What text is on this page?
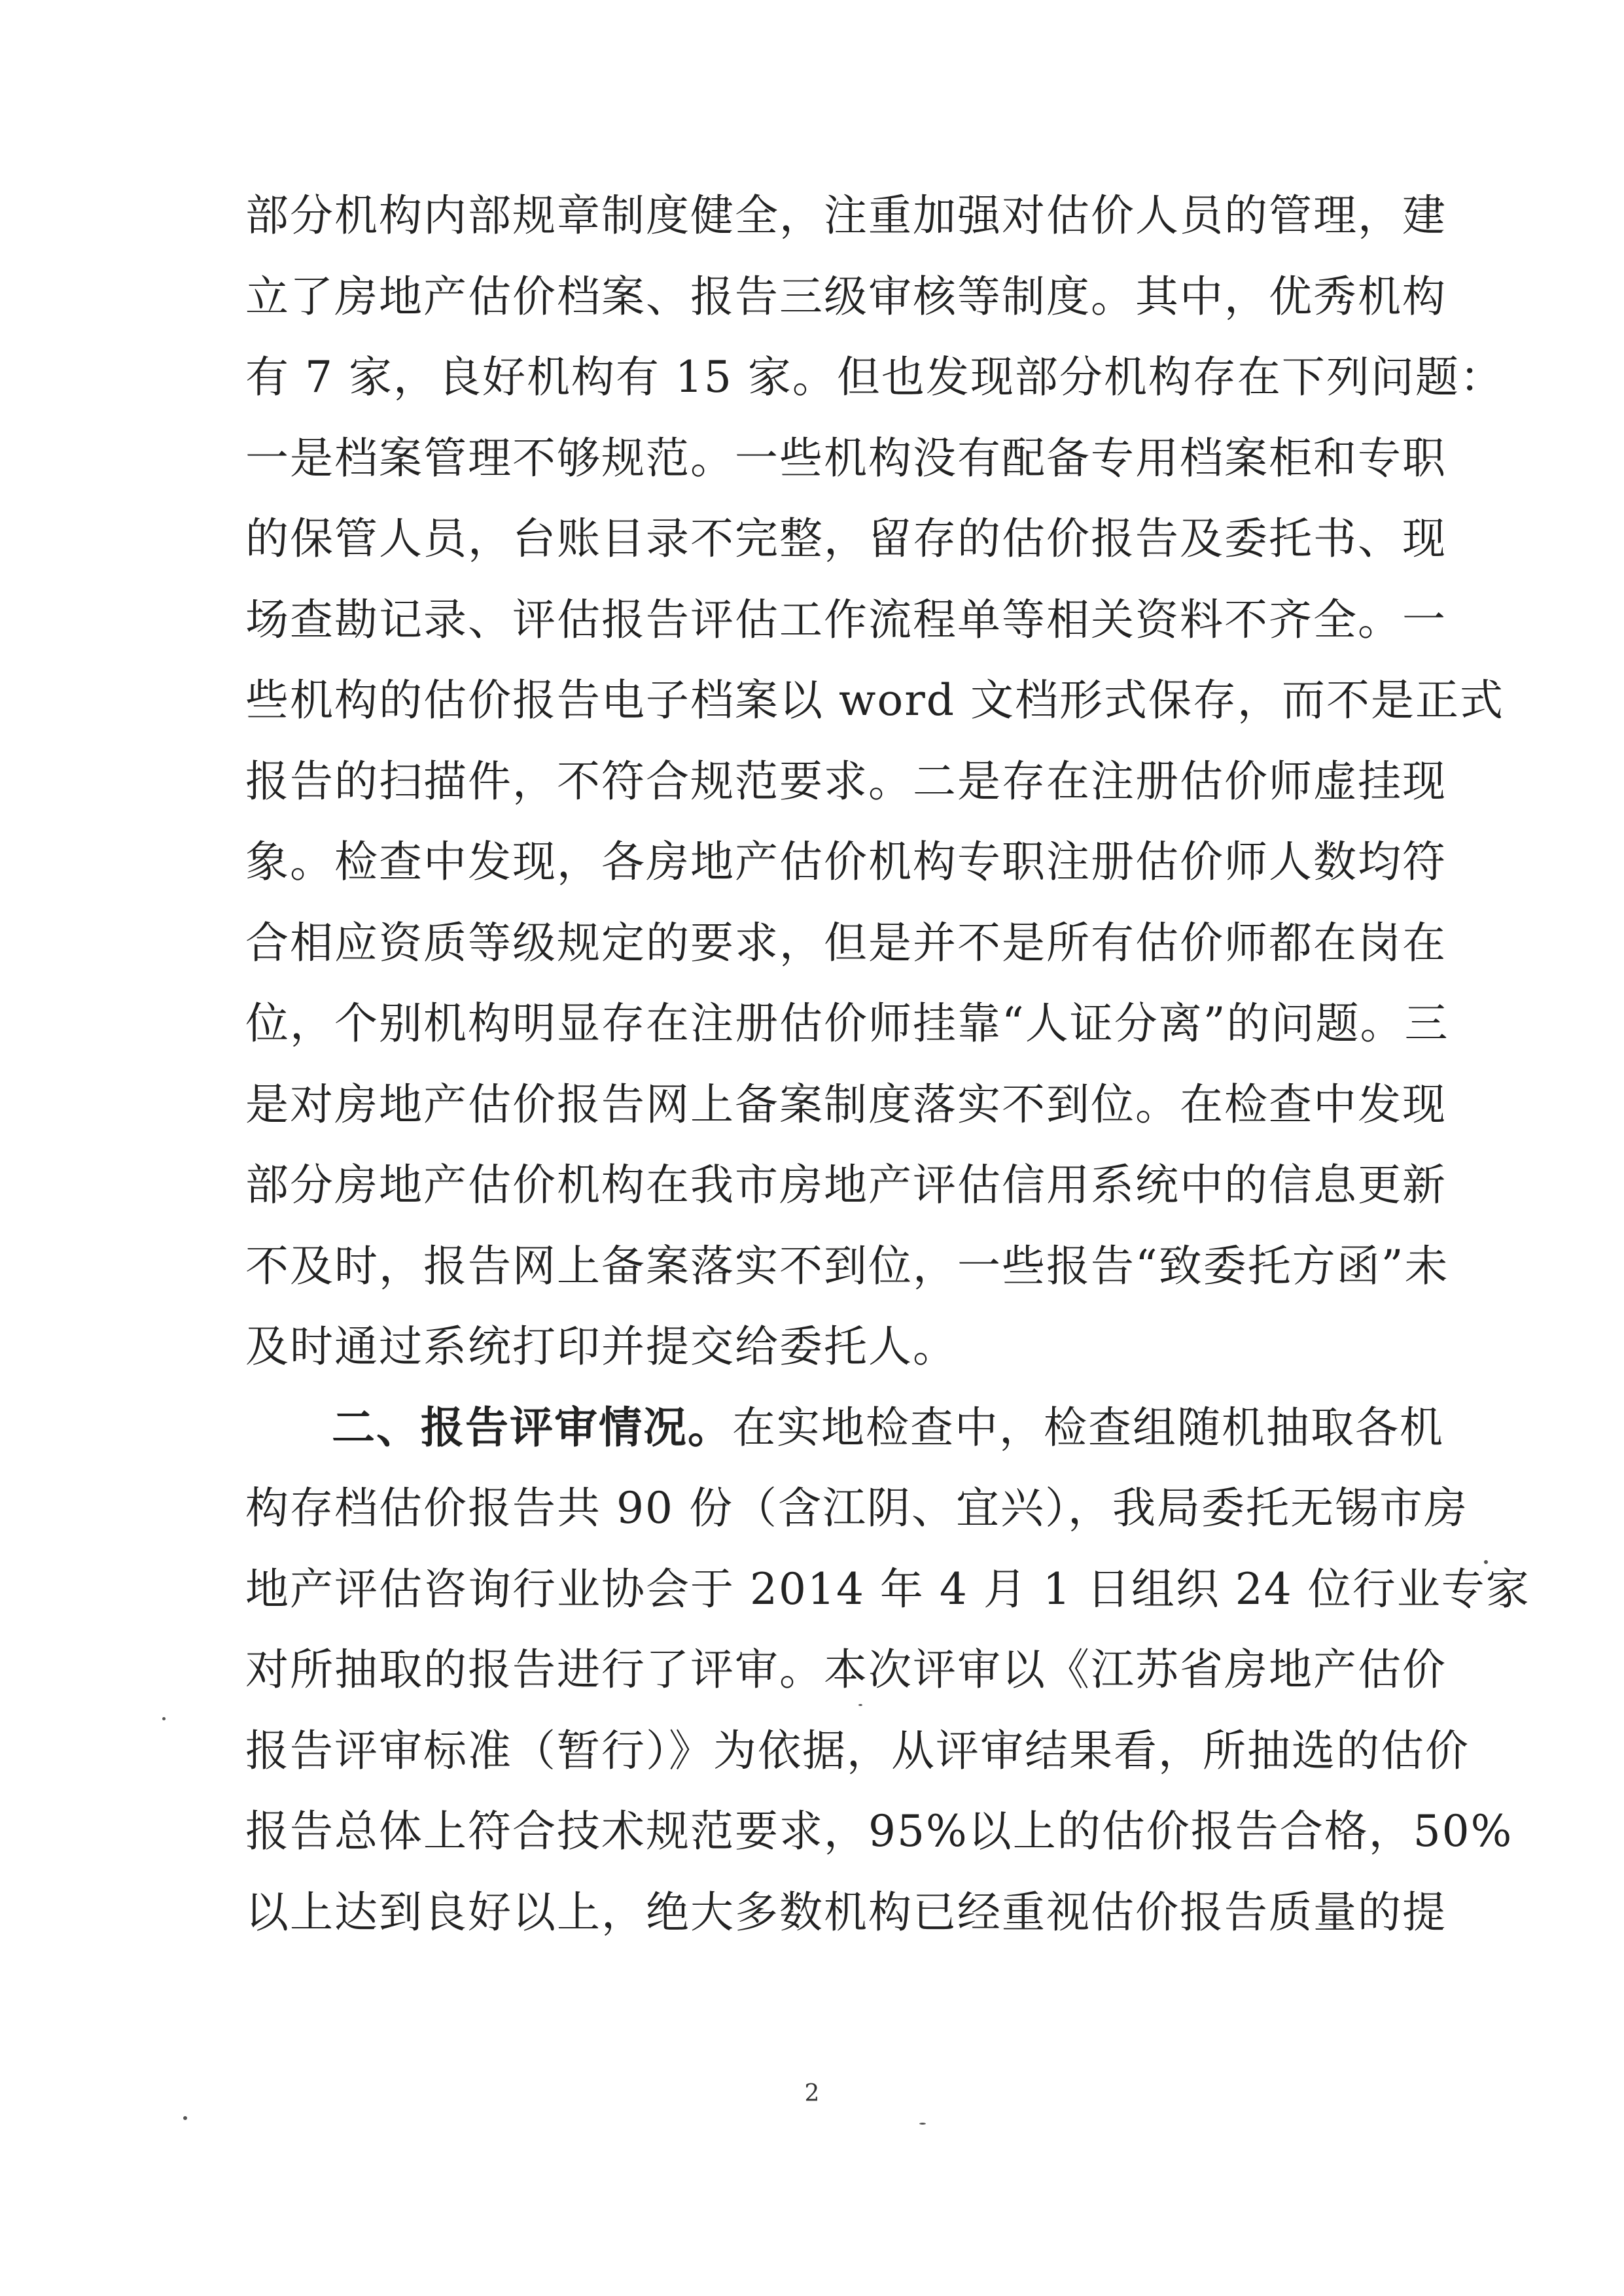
部分机构内部规章制度健全，注重加强对估价人员的管理，建
立了房地产估价档案、报告三级审核等制度。其中，优秀机构
有 7 家，良好机构有 15 家。但也发现部分机构存在下列问题：
一是档案管理不够规范。一些机构没有配备专用档案柜和专职
的保管人员，台账目录不完整，留存的估价报告及委托书、现
场查勘记录、评估报告评估工作流程单等相关资料不齐全。一
些机构的估价报告电子档案以 word 文档形式保存，而不是正式
报告的扫描件，不符合规范要求。二是存在注册估价师虚挂现
象。检查中发现，各房地产估价机构专职注册估价师人数均符
合相应资质等级规定的要求，但是并不是所有估价师都在岗在
位，个别机构明显存在注册估价师挂靠“人证分离”的问题。三
是对房地产估价报告网上备案制度落实不到位。在检查中发现
部分房地产估价机构在我市房地产评估信用系统中的信息更新
不及时，报告网上备案落实不到位，一些报告“致委托方函”未
及时通过系统打印并提交给委托人。
二、报告评审情况。在实地检查中，检查组随机抽取各机
构存档估价报告共 90 份（含江阴、宜兴），我局委托无锡市房
地产评估咨询行业协会于 2014 年 4 月 1 日组织 24 位行业专家
对所抽取的报告进行了评审。本次评审以《江苏省房地产估价
报告评审标准（暂行）》为依据，从评审结果看，所抽选的估价
报告总体上符合技术规范要求，95%以上的估价报告合格，50%
以上达到良好以上，绝大多数机构已经重视估价报告质量的提
2
